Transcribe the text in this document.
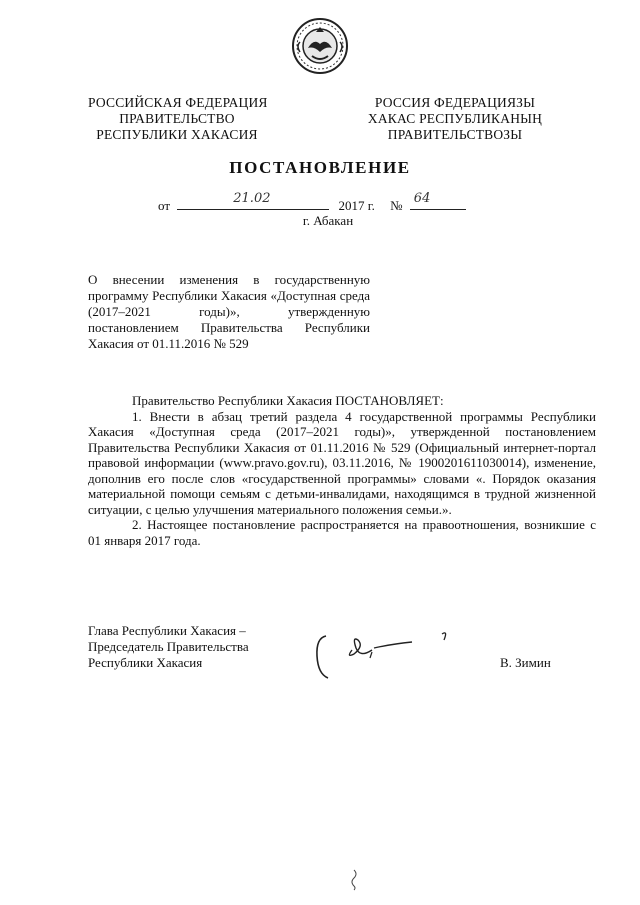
РОССИЙСКАЯ ФЕДЕРАЦИЯ
ПРАВИТЕЛЬСТВО
РЕСПУБЛИКИ ХАКАСИЯ
РОССИЯ ФЕДЕРАЦИЯЗЫ
ХАКАС РЕСПУБЛИКАНЫҢ
ПРАВИТЕЛЬСТВОЗЫ
ПОСТАНОВЛЕНИЕ
от	21.02	2017 г. № 64
г. Абакан
О внесении изменения в государственную программу Республики Хакасия «Доступная среда (2017–2021 годы)», утвержденную постановлением Правительства Республики Хакасия от 01.11.2016 № 529

Правительство Республики Хакасия ПОСТАНОВЛЯЕТ:

1. Внести в абзац третий раздела 4 государственной программы Республики Хакасия «Доступная среда (2017–2021 годы)», утвержденной постановлением Правительства Республики Хакасия от 01.11.2016 № 529 (Официальный интернет-портал правовой информации (www.pravo.gov.ru), 03.11.2016, № 1900201611030014), изменение, дополнив его после слов «государственной программы» словами «. Порядок оказания материальной помощи семьям с детьми-инвалидами, находящимся в трудной жизненной ситуации, с целью улучшения материального положения семьи.».

2. Настоящее постановление распространяется на правоотношения, возникшие с 01 января 2017 года.

Глава Республики Хакасия –
Председатель Правительства
Республики Хакасия	В. Зимин
